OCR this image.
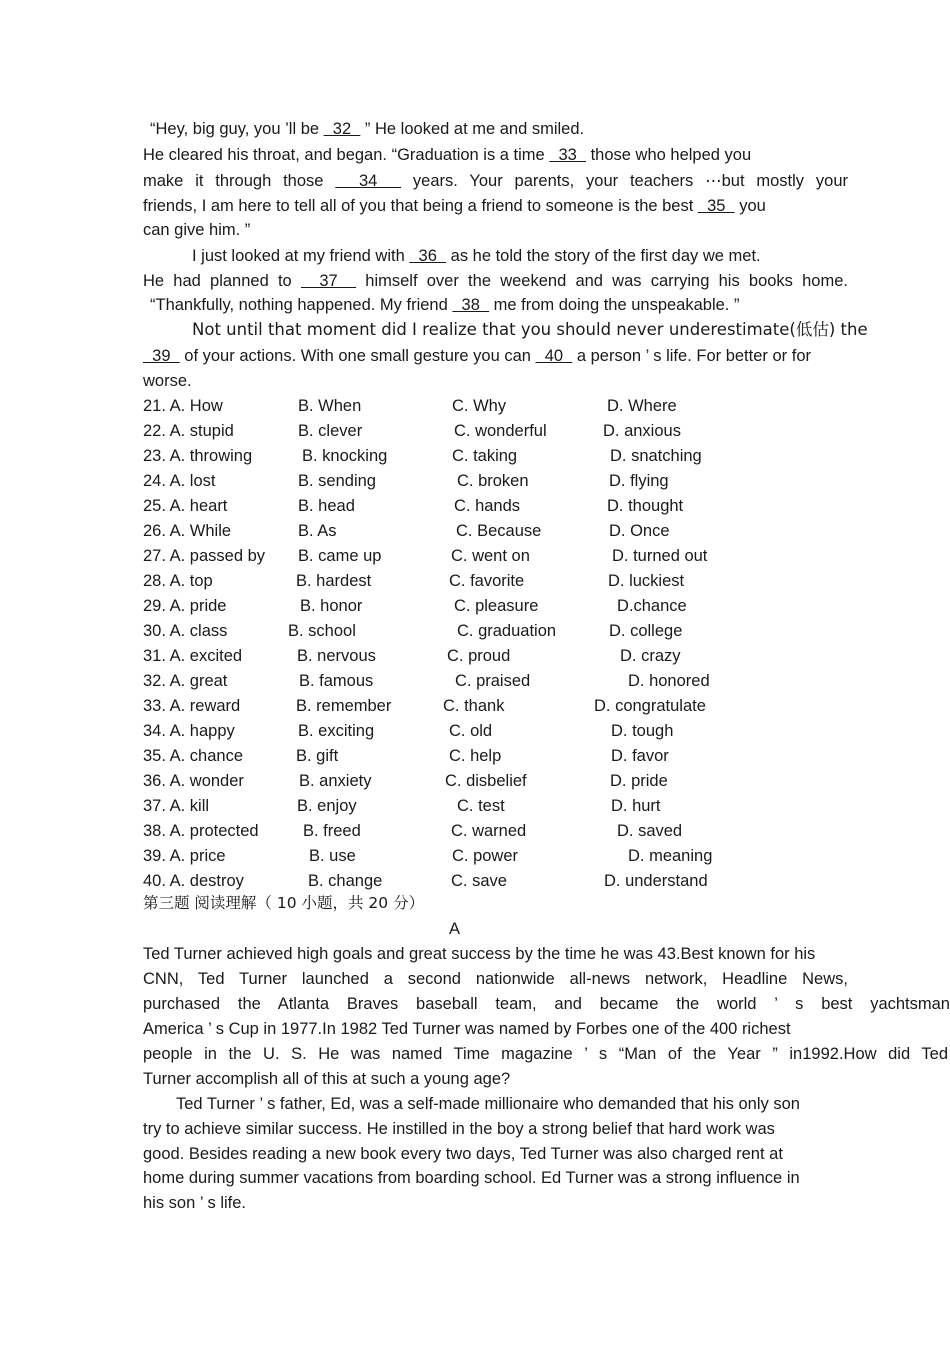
“Hey, big guy, you ’ll be   32   ” He looked at me and smiled.
He cleared his throat, and began. “Graduation is a time   33   those who helped you
make it through those   34   years. Your parents, your teachers ⋯but mostly your
friends, I am here to tell all of you that being a friend to someone is the best   35   you
can give him. ”
I just looked at my friend with   36   as he told the story of the first day we met.
He had planned to   37   himself over the weekend and was carrying his books home.
“Thankfully, nothing happened. My friend   38   me from doing the unspeakable. ”
Not until that moment did I realize that you should never underestimate(低估) the
39   of your actions. With one small gesture you can   40   a person ’ s life. For better or for
worse.
21. A. How	B. When	C. Why	D. Where
22. A. stupid	B. clever	C. wonderful	D. anxious
23. A. throwing	B. knocking	C. taking	D. snatching
24. A. lost	B. sending	C. broken	D. flying
25. A. heart	B. head	C. hands	D. thought
26. A. While	B. As	C. Because	D. Once
27. A. passed by B. came up	C. went on	D. turned out
28. A. top	B. hardest	C. favorite	D. luckiest
29. A. pride	B. honor	C. pleasure	D.chance
30. A. class	B. school	C. graduation	D. college
31. A. excited	B. nervous	C. proud	D. crazy
32. A. great	B. famous	C. praised	D. honored
33. A. reward	B. remember	C. thank	D. congratulate
34. A. happy	B. exciting	C. old	D. tough
35. A. chance	B. gift	C. help	D. favor
36. A. wonder	B. anxiety	C. disbelief	D. pride
37. A. kill	B. enjoy	C. test	D. hurt
38. A. protected	B. freed	C. warned	D. saved
39. A. price	B. use	C. power	D. meaning
40. A. destroy	B. change	C. save	D. understand
第三题 阅读理解（ 10 小题，共 20 分）
A
Ted Turner achieved high goals and great success by the time he was 43.Best known for his
CNN, Ted Turner launched a second nationwide all-news network, Headline News,
purchased the Atlanta Braves baseball team, and became the world ’ s best yachtsman
America ’ s Cup in 1977.In 1982 Ted Turner was named by Forbes one of the 400 richest
people in the U. S. He was named Time magazine ’ s “Man of the Year ” in1992.How did Ted
Turner accomplish all of this at such a young age?
Ted Turner ’ s father, Ed, was a self-made millionaire who demanded that his only son
try to achieve similar success. He instilled in the boy a strong belief that hard work was
good. Besides reading a new book every two days, Ted Turner was also charged rent at
home during summer vacations from boarding school. Ed Turner was a strong influence in
his son ’ s life.
